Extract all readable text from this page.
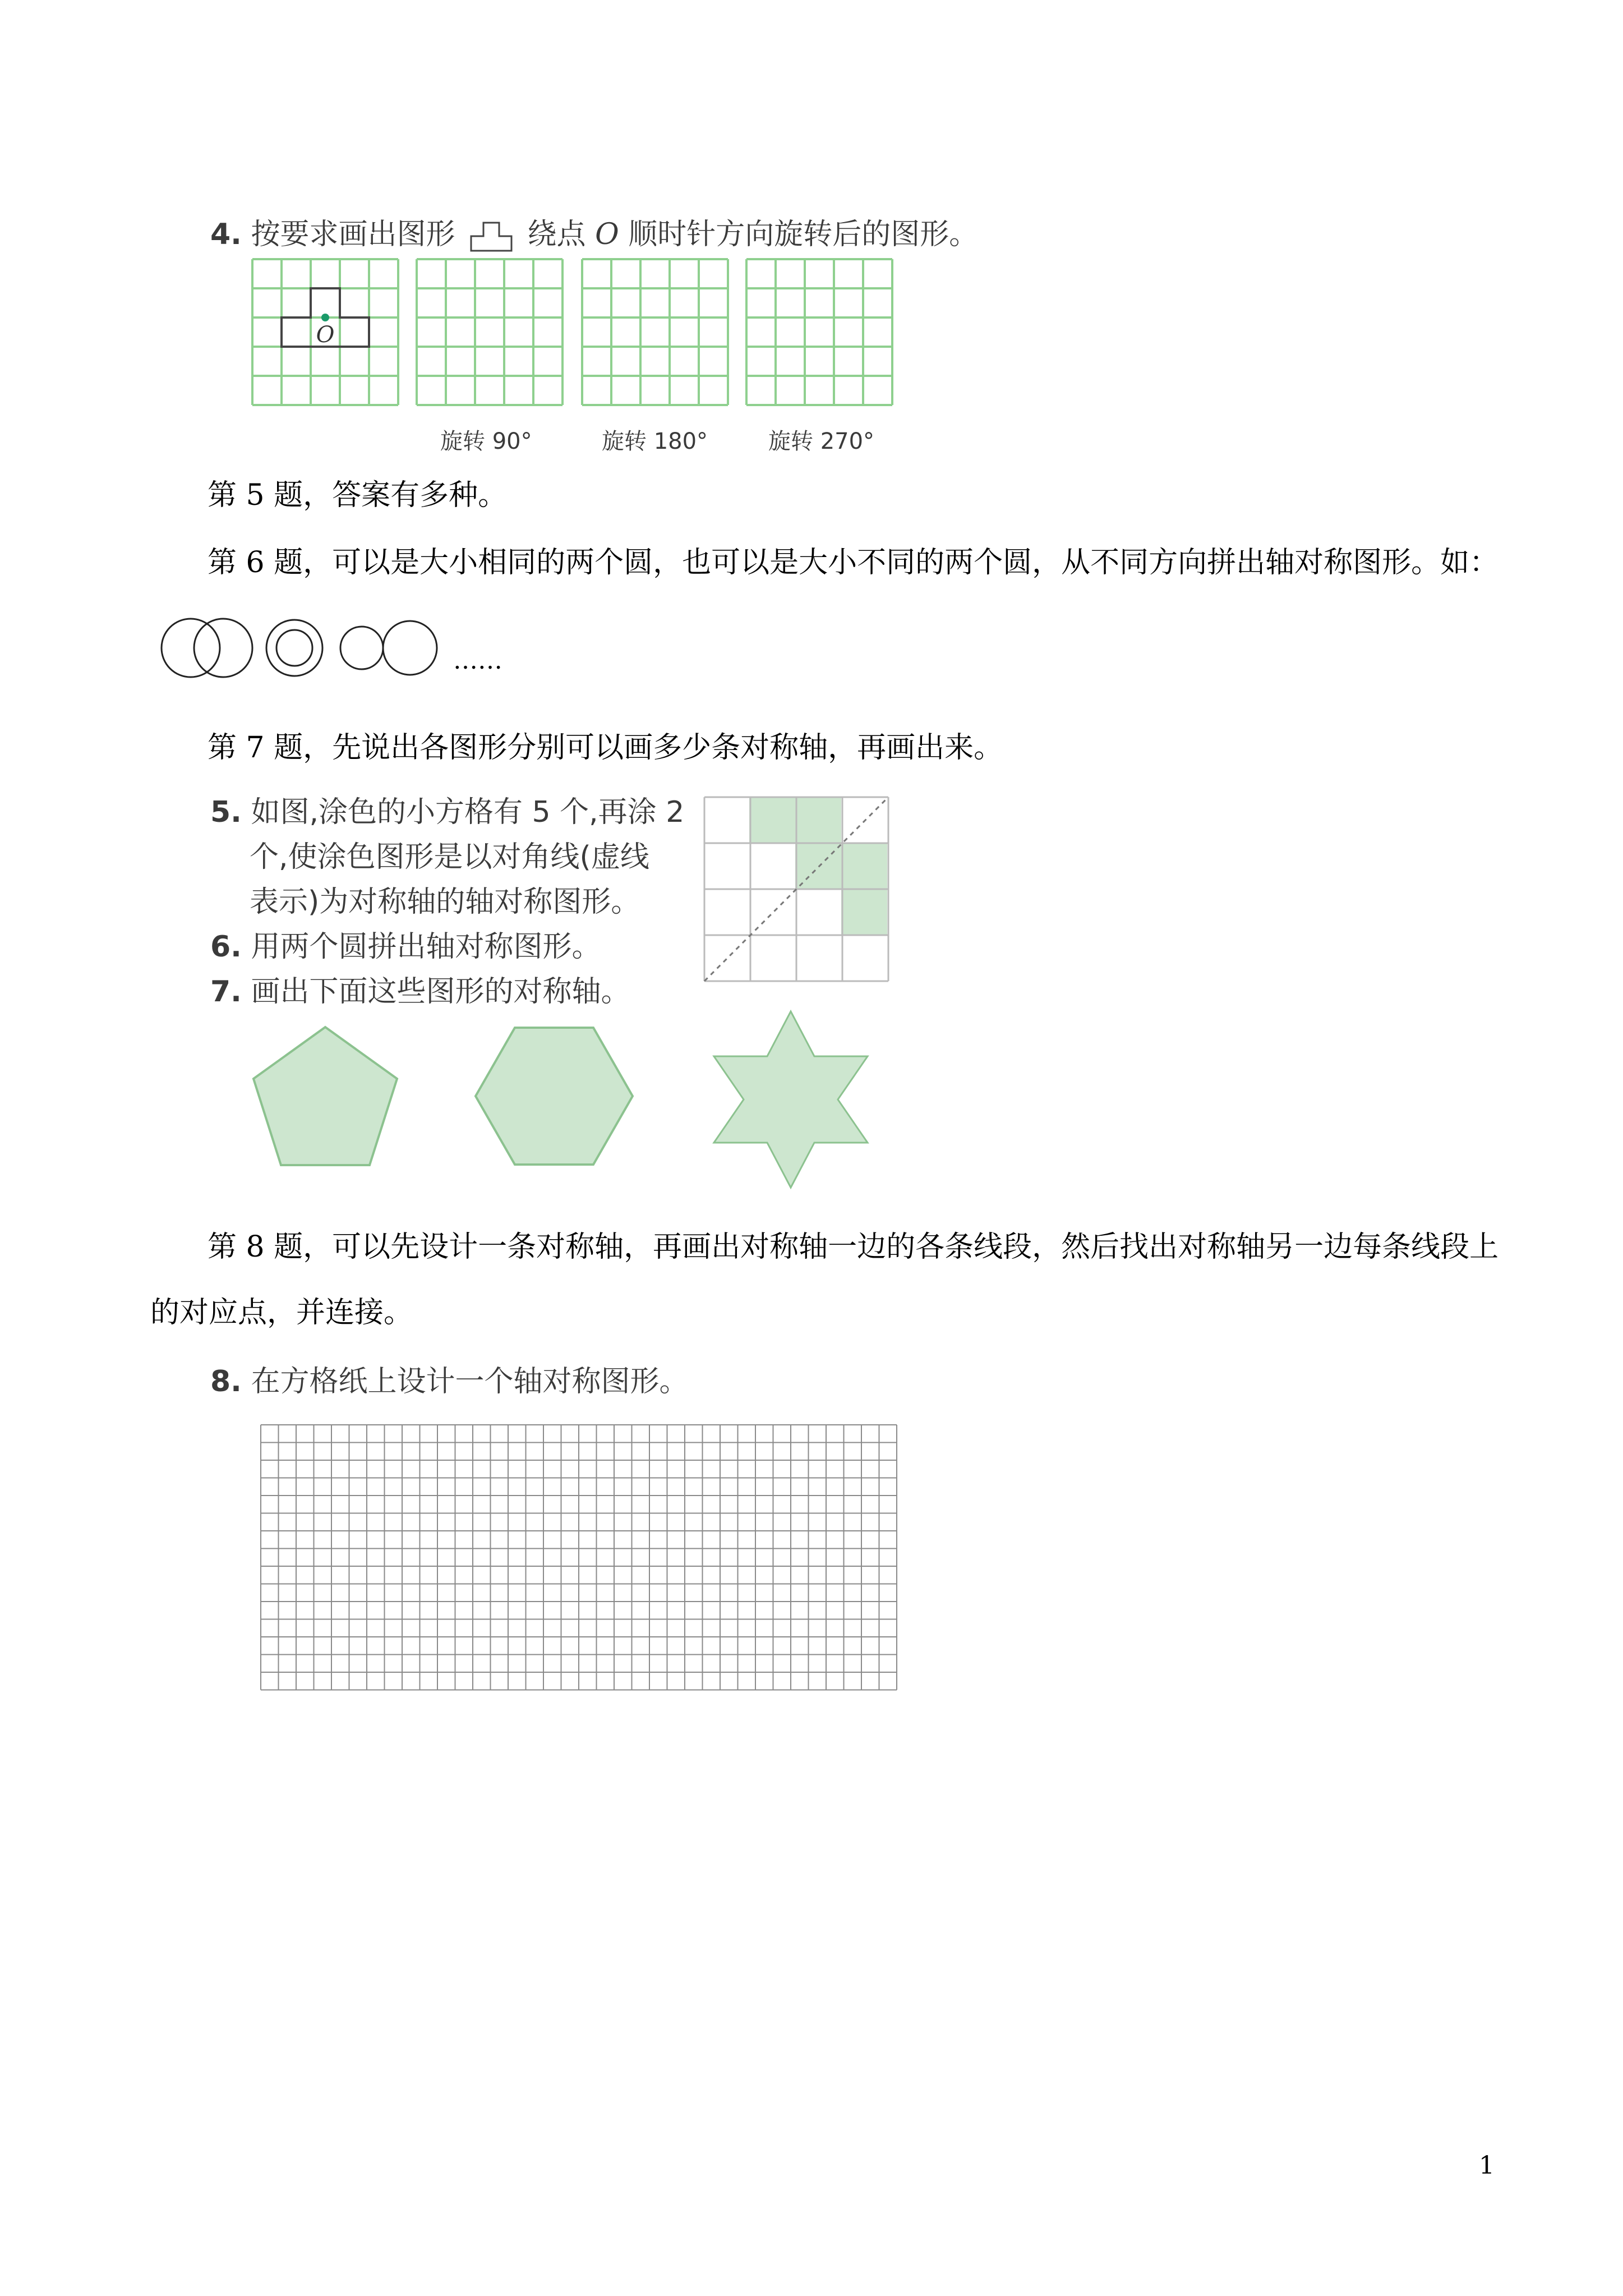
4. 按要求画出图形 绕点 O 顺时针方向旋转后的图形。
O
旋转 90°	旋转 180°	旋转 270°
第 5 题，答案有多种。
第 6 题，可以是大小相同的两个圆，也可以是大小不同的两个圆，从不同方向拼出轴对称图形。如：
……
第 7 题，先说出各图形分别可以画多少条对称轴，再画出来。
5. 如图,涂色的小方格有 5 个,再涂 2
个,使涂色图形是以对角线(虚线
表示)为对称轴的轴对称图形。
6. 用两个圆拼出轴对称图形。
7. 画出下面这些图形的对称轴。
第 8 题，可以先设计一条对称轴，再画出对称轴一边的各条线段，然后找出对称轴另一边每条线段上
的对应点，并连接。
8. 在方格纸上设计一个轴对称图形。
1
